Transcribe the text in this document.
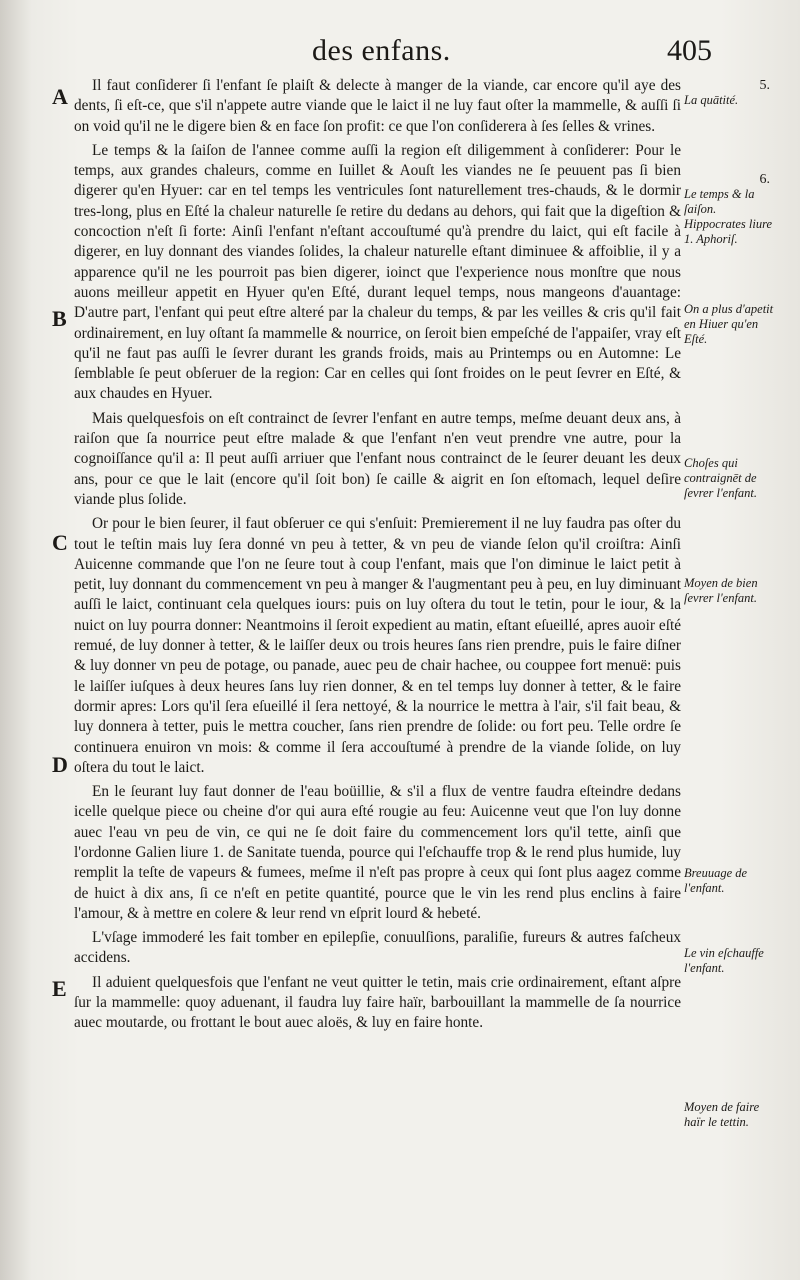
des enfans.	405
A
B
C
D
E

Il faut conſiderer ſi l'enfant ſe plaiſt & delecte à manger de la viande, car encore qu'il aye des dents, ſi eſt-ce, que s'il n'appete autre viande que le laict il ne luy faut oſter la mammelle, & auſſi ſi on void qu'il ne le digere bien & en face ſon profit: ce que l'on conſiderera à ſes ſelles & vrines.

Le temps & la ſaiſon de l'annee comme auſſi la region eſt diligemment à conſiderer: Pour le temps, aux grandes chaleurs, comme en Iuillet & Aouſt les viandes ne ſe peuuent pas ſi bien digerer qu'en Hyuer: car en tel temps les ventricules ſont naturellement tres-chauds, & le dormir tres-long, plus en Eſté la chaleur naturelle ſe retire du dedans au dehors, qui fait que la digeſtion & concoction n'eſt ſi forte: Ainſi l'enfant n'eſtant accouſtumé qu'à prendre du laict, qui eſt facile à digerer, en luy donnant des viandes ſolides, la chaleur naturelle eſtant diminuee & affoiblie, il y a apparence qu'il ne les pourroit pas bien digerer, ioinct que l'experience nous monſtre que nous auons meilleur appetit en Hyuer qu'en Eſté, durant lequel temps, nous mangeons d'auantage: D'autre part, l'enfant qui peut eſtre alteré par la chaleur du temps, & par les veilles & cris qu'il fait ordinairement, en luy oſtant ſa mammelle & nourrice, on ſeroit bien empeſché de l'appaiſer, vray eſt qu'il ne faut pas auſſi le ſevrer durant les grands froids, mais au Printemps ou en Automne: Le ſemblable ſe peut obſeruer de la region: Car en celles qui ſont froides on le peut ſevrer en Eſté, & aux chaudes en Hyuer.

Mais quelquesfois on eſt contrainct de ſevrer l'enfant en autre temps, meſme deuant deux ans, à raiſon que ſa nourrice peut eſtre malade & que l'enfant n'en veut prendre vne autre, pour la cognoiſſance qu'il a: Il peut auſſi arriuer que l'enfant nous contrainct de le ſeurer deuant les deux ans, pour ce que le lait (encore qu'il ſoit bon) ſe caille & aigrit en ſon eſtomach, lequel deſire viande plus ſolide.

Or pour le bien ſeurer, il faut obſeruer ce qui s'enſuit: Premierement il ne luy faudra pas oſter du tout le teſtin mais luy ſera donné vn peu à tetter, & vn peu de viande ſelon qu'il croiſtra: Ainſi Auicenne commande que l'on ne ſeure tout à coup l'enfant, mais que l'on diminue le laict petit à petit, luy donnant du commencement vn peu à manger & l'augmentant peu à peu, en luy diminuant auſſi le laict, continuant cela quelques iours: puis on luy oſtera du tout le tetin, pour le iour, & la nuict on luy pourra donner: Neantmoins il ſeroit expedient au matin, eſtant eſueillé, apres auoir eſté remué, de luy donner à tetter, & le laiſſer deux ou trois heures ſans rien prendre, puis le faire diſner & luy donner vn peu de potage, ou panade, auec peu de chair hachee, ou couppee fort menuë: puis le laiſſer iuſques à deux heures ſans luy rien donner, & en tel temps luy donner à tetter, & le faire dormir apres: Lors qu'il ſera eſueillé il ſera nettoyé, & la nourrice le mettra à l'air, s'il fait beau, & luy donnera à tetter, puis le mettra coucher, ſans rien prendre de ſolide: ou fort peu. Telle ordre ſe continuera enuiron vn mois: & comme il ſera accouſtumé à prendre de la viande ſolide, on luy oſtera du tout le laict.

En le ſeurant luy faut donner de l'eau boüillie, & s'il a flux de ventre faudra eſteindre dedans icelle quelque piece ou cheine d'or qui aura eſté rougie au feu: Auicenne veut que l'on luy donne auec l'eau vn peu de vin, ce qui ne ſe doit faire du commencement lors qu'il tette, ainſi que l'ordonne Galien liure 1. de Sanitate tuenda, pource qui l'eſchauffe trop & le rend plus humide, luy remplit la teſte de vapeurs & fumees, meſme il n'eſt pas propre à ceux qui ſont plus aagez comme de huict à dix ans, ſi ce n'eſt en petite quantité, pource que le vin les rend plus enclins à faire l'amour, & à mettre en colere & leur rend vn eſprit lourd & hebeté.

L'vſage immoderé les fait tomber en epilepſie, conuulſions, paraliſie, fureurs & autres faſcheux accidens.

Il aduient quelquesfois que l'enfant ne veut quitter le tetin, mais crie ordinairement, eſtant aſpre ſur la mammelle: quoy aduenant, il faudra luy faire haïr, barbouillant la mammelle de ſa nourrice auec moutarde, ou frottant le bout auec aloës, & luy en faire honte.

5.
La quātité.
6.
Le temps & la ſaiſon. Hippocrates liure 1. Aphoriſ.
On a plus d'apetit en Hiuer qu'en Eſté.
Choſes qui contraignēt de ſevrer l'enfant.
Moyen de bien ſevrer l'enfant.
Breuuage de l'enfant.
Le vin eſchauffe l'enfant.
Moyen de faire haïr le tettin.
